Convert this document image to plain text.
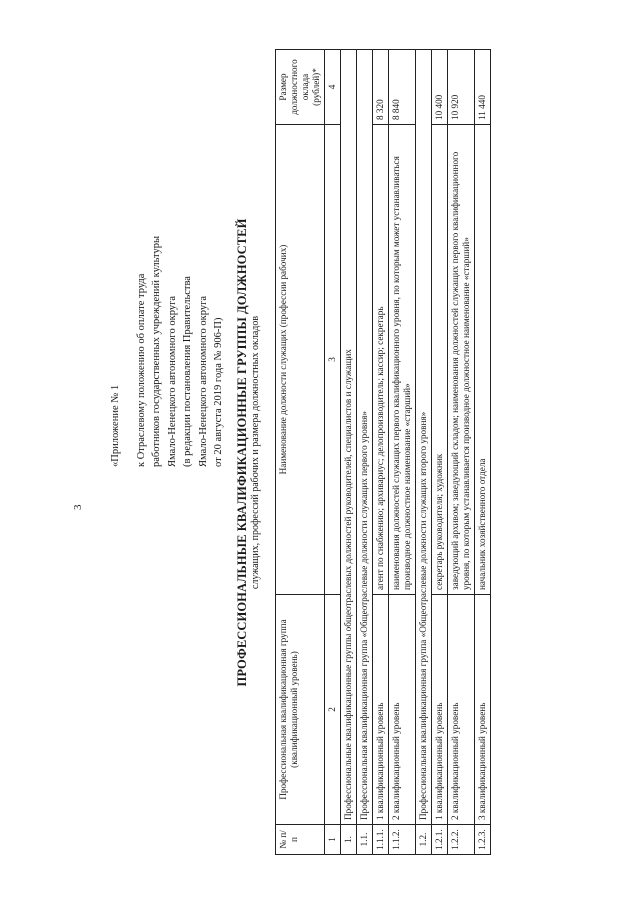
3
«Приложение № 1 к Отраслевому положению об оплате труда работников государственных учреждений культуры Ямало-Ненецкого автономного округа (в редакции постановления Правительства Ямало-Ненецкого автономного округа от 20 августа 2019 года № 906-П) ПРОФЕССИОНАЛЬНЫЕ КВАЛИФИКАЦИОННЫЕ ГРУППЫ ДОЛЖНОСТЕЙ служащих, профессий рабочих и размера должностных окладов
№ п/п	Профессиональная квалификационная группа (квалификационный уровень)	Наименование должности служащих (профессии рабочих)	Размер должностного оклада (рублей)*
1	2	3	4
1.	Профессиональные квалификационные группы общеотраслевых должностей руководителей, специалистов и служащих		
1.1.	Профессиональная квалификационная группа «Общеотраслевые должности служащих первого уровня»		
1.1.1.	1 квалификационный уровень	агент по снабжению; архивариус; делопроизводитель; кассир; секретарь	8 320
1.1.2.	2 квалификационный уровень	наименования должностей служащих первого квалификационного уровня, по которым может устанавливаться производное должностное наименование «старший»	8 840
1.2.	Профессиональная квалификационная группа «Общеотраслевые должности служащих второго уровня»		
1.2.1.	1 квалификационный уровень	секретарь руководителя; художник	10 400
1.2.2.	2 квалификационный уровень	заведующий архивом; заведующий складом; наименования должностей служащих первого квалификационного уровня, по которым устанавливается производное должностное наименование «старший»	10 920
1.2.3.	3 квалификационный уровень	начальник хозяйственного отдела	11 440
